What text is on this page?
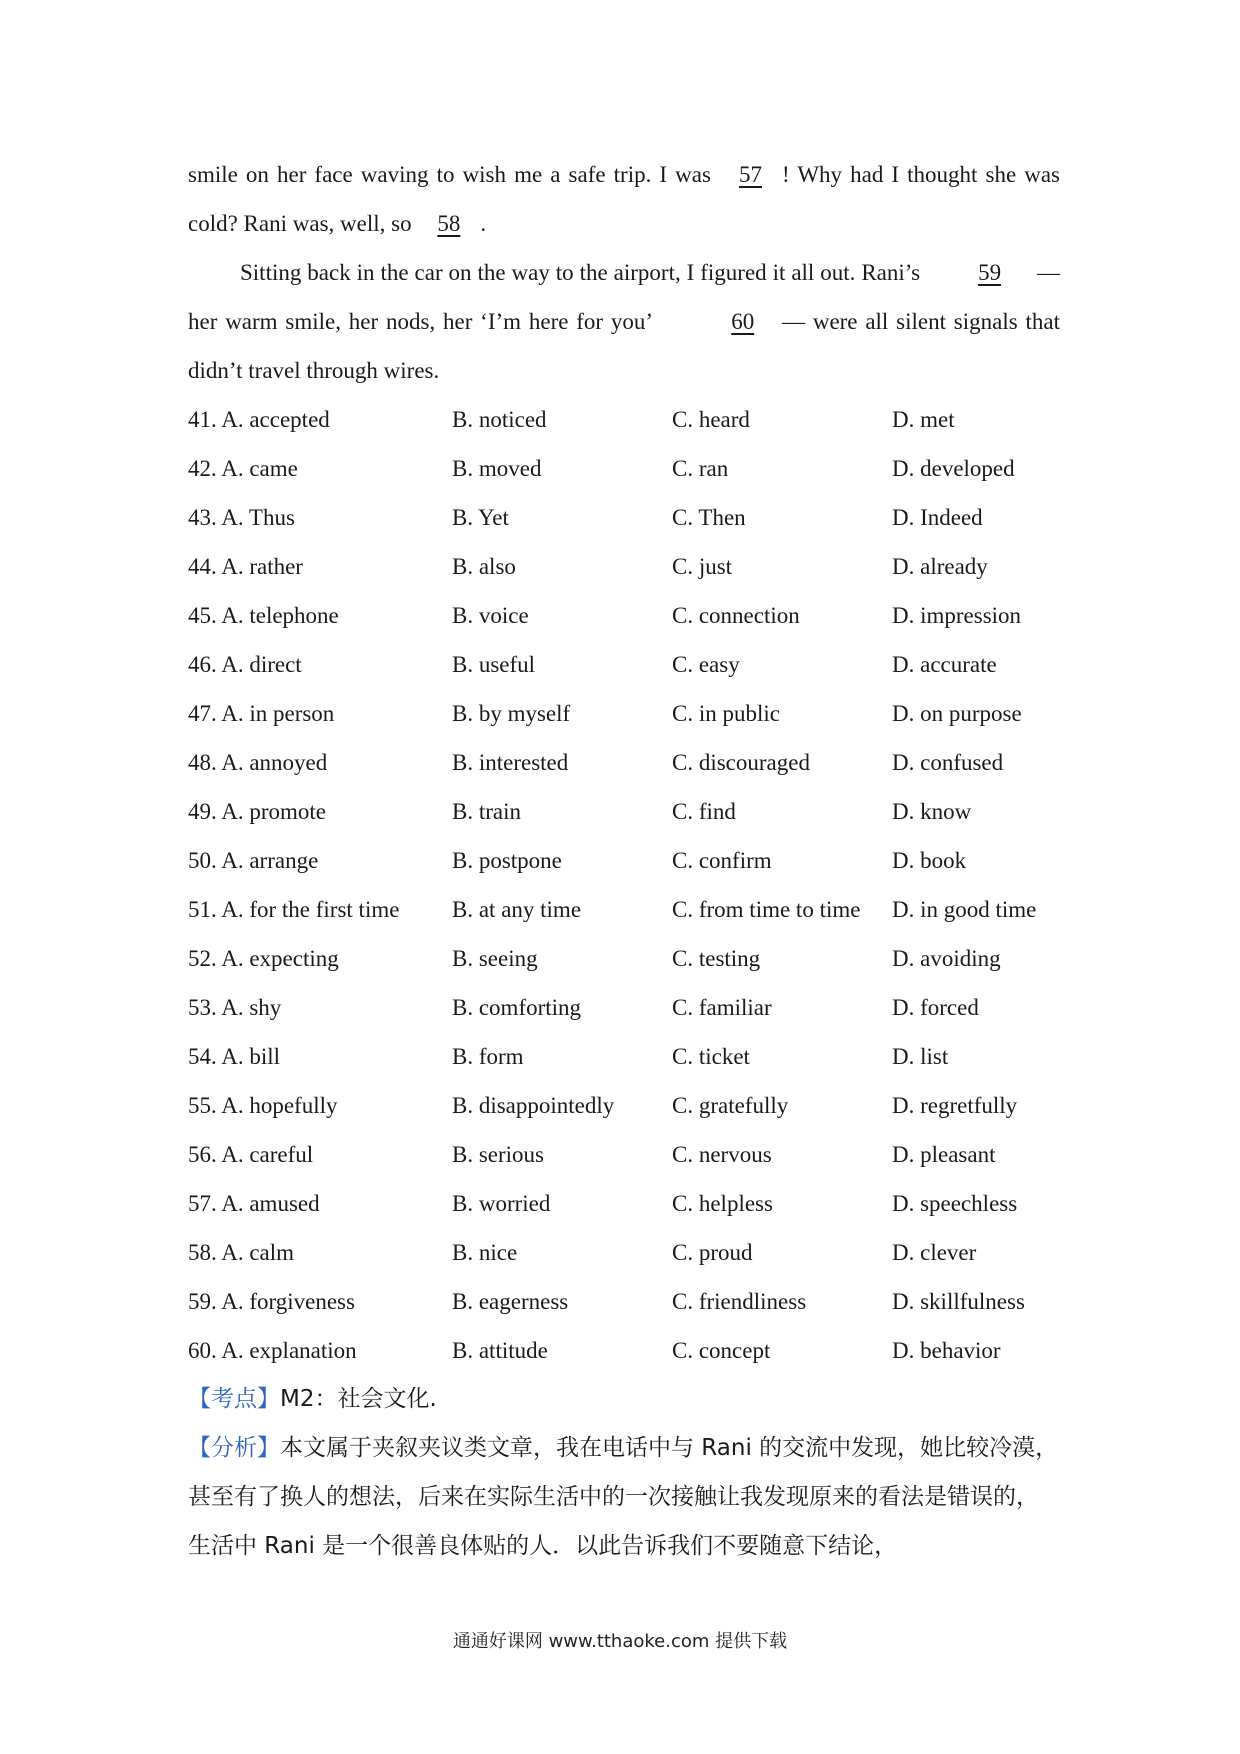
smile on her face waving to wish me a safe trip. I was 57 ! Why had I thought she was cold? Rani was, well, so 58 .

Sitting back in the car on the way to the airport, I figured it all out. Rani’s 59 — her warm smile, her nods, her ‘I’m here for you’	60 — were all silent signals that didn’t travel through wires.

41. A. accepted	B. noticed	C. heard	D. met
42. A. came	B. moved	C. ran	D. developed
43. A. Thus	B. Yet	C. Then	D. Indeed
44. A. rather	B. also	C. just	D. already
45. A. telephone	B. voice	C. connection	D. impression
46. A. direct	B. useful	C. easy	D. accurate
47. A. in person	B. by myself	C. in public	D. on purpose
48. A. annoyed	B. interested	C. discouraged	D. confused
49. A. promote	B. train	C. find	D. know
50. A. arrange	B. postpone	C. confirm	D. book
51. A. for the first time	B. at any time	C. from time to time	D. in good time
52. A. expecting	B. seeing	C. testing	D. avoiding
53. A. shy	B. comforting	C. familiar	D. forced
54. A. bill	B. form	C. ticket	D. list
55. A. hopefully	B. disappointedly	C. gratefully	D. regretfully
56. A. careful	B. serious	C. nervous	D. pleasant
57. A. amused	B. worried	C. helpless	D. speechless
58. A. calm	B. nice	C. proud	D. clever
59. A. forgiveness	B. eagerness	C. friendliness	D. skillfulness
60. A. explanation	B. attitude	C. concept	D. behavior

【考点】M2：社会文化.

【分析】本文属于夹叙夹议类文章，我在电话中与 Rani 的交流中发现，她比较冷漠，甚至有了换人的想法，后来在实际生活中的一次接触让我发现原来的看法是错误的，生活中 Rani 是一个很善良体贴的人．以此告诉我们不要随意下结论，

通通好课网 www.tthaoke.com 提供下载
